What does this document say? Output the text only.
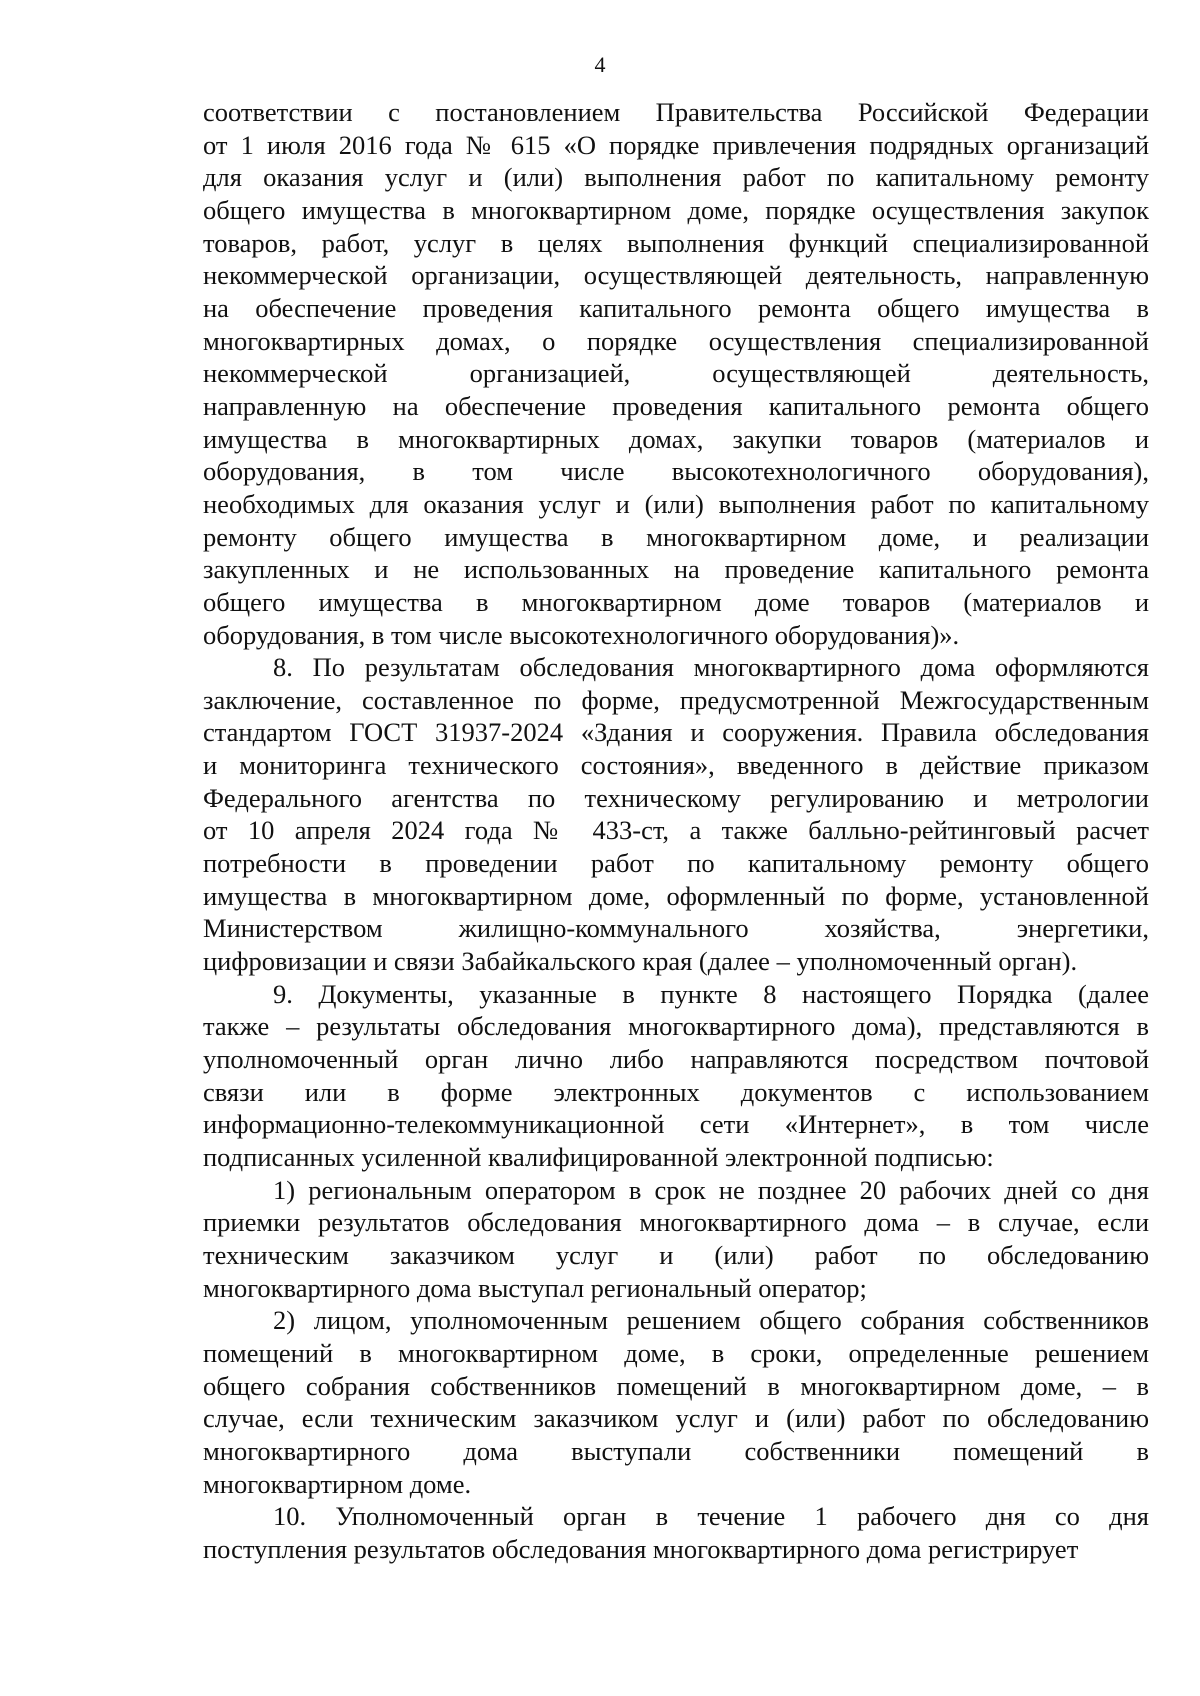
4

соответствии с постановлением Правительства Российской Федерации

от 1 июля 2016 года № 615 «О порядке привлечения подрядных организаций

для оказания услуг и (или) выполнения работ по капитальному ремонту

общего имущества в многоквартирном доме, порядке осуществления закупок

товаров, работ, услуг в целях выполнения функций специализированной

некоммерческой организации, осуществляющей деятельность, направленную

на обеспечение проведения капитального ремонта общего имущества в

многоквартирных домах, о порядке осуществления специализированной

некоммерческой организацией, осуществляющей деятельность,

направленную на обеспечение проведения капитального ремонта общего

имущества в многоквартирных домах, закупки товаров (материалов и

оборудования, в том числе высокотехнологичного оборудования),

необходимых для оказания услуг и (или) выполнения работ по капитальному

ремонту общего имущества в многоквартирном доме, и реализации

закупленных и не использованных на проведение капитального ремонта

общего имущества в многоквартирном доме товаров (материалов и

оборудования, в том числе высокотехнологичного оборудования)».

8. По результатам обследования многоквартирного дома оформляются

заключение, составленное по форме, предусмотренной Межгосударственным

стандартом ГОСТ 31937-2024 «Здания и сооружения. Правила обследования

и мониторинга технического состояния», введенного в действие приказом

Федерального агентства по техническому регулированию и метрологии

от 10 апреля 2024 года № 433-ст, а также балльно-рейтинговый расчет

потребности в проведении работ по капитальному ремонту общего

имущества в многоквартирном доме, оформленный по форме, установленной

Министерством жилищно-коммунального хозяйства, энергетики,

цифровизации и связи Забайкальского края (далее – уполномоченный орган).

9. Документы, указанные в пункте 8 настоящего Порядка (далее

также – результаты обследования многоквартирного дома), представляются в

уполномоченный орган лично либо направляются посредством почтовой

связи или в форме электронных документов с использованием

информационно-телекоммуникационной сети «Интернет», в том числе

подписанных усиленной квалифицированной электронной подписью:

1) региональным оператором в срок не позднее 20 рабочих дней со дня

приемки результатов обследования многоквартирного дома – в случае, если

техническим заказчиком услуг и (или) работ по обследованию

многоквартирного дома выступал региональный оператор;

2) лицом, уполномоченным решением общего собрания собственников

помещений в многоквартирном доме, в сроки, определенные решением

общего собрания собственников помещений в многоквартирном доме, – в

случае, если техническим заказчиком услуг и (или) работ по обследованию

многоквартирного дома выступали собственники помещений в

многоквартирном доме.

10. Уполномоченный орган в течение 1 рабочего дня со дня

поступления результатов обследования многоквартирного дома регистрирует
